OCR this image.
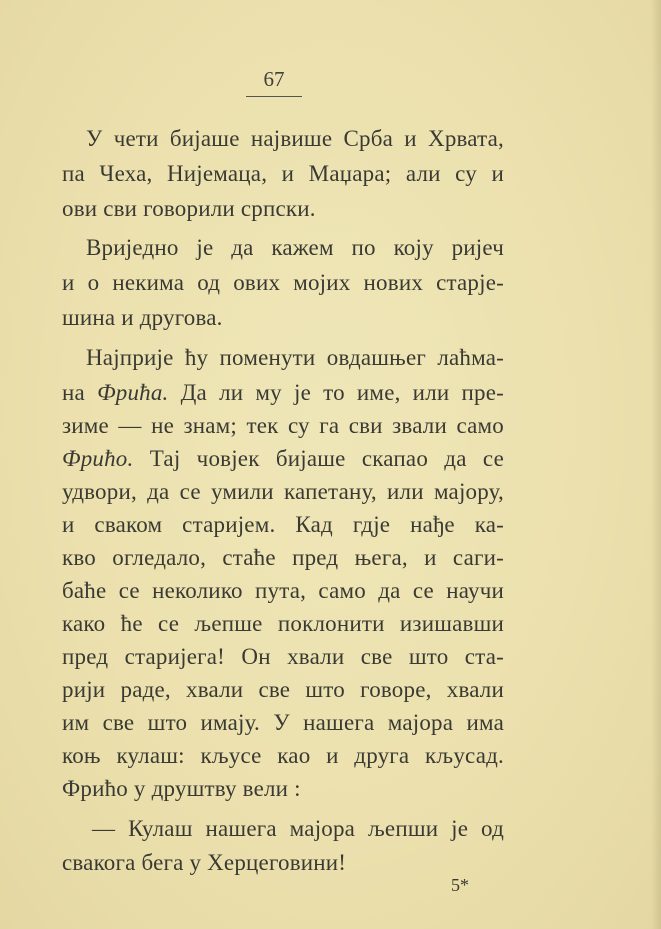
67
У чети бијаше највише Срба и Хрвата,
па Чеха, Нијемаца, и Маџара; али су и
ови сви говорили српски.
Вриједно је да кажем по коју ријеч
и о некима од ових мојих нових старје-
шина и другова.
Најприје ћу поменути овдашњег лаћма-
на Фрића. Да ли му је то име, или пре-
зиме — не знам; тек су га сви звали само
Фрићо. Тај човјек бијаше скапао да се
удвори, да се умили капетану, или мајору,
и сваком старијем. Кад гдје нађе ка-
кво огледало, стаће пред њега, и саги-
баће се неколико пута, само да се научи
како ће се љепше поклонити изишавши
пред старијега! Он хвали све што ста-
рији раде, хвали све што говоре, хвали
им све што имају. У нашега мајора има
коњ кулаш: кљусе као и друга кљусад.
Фрићо у друштву вели :
— Кулаш нашега мајора љепши је од
свакога бега у Херцеговини!
5*
